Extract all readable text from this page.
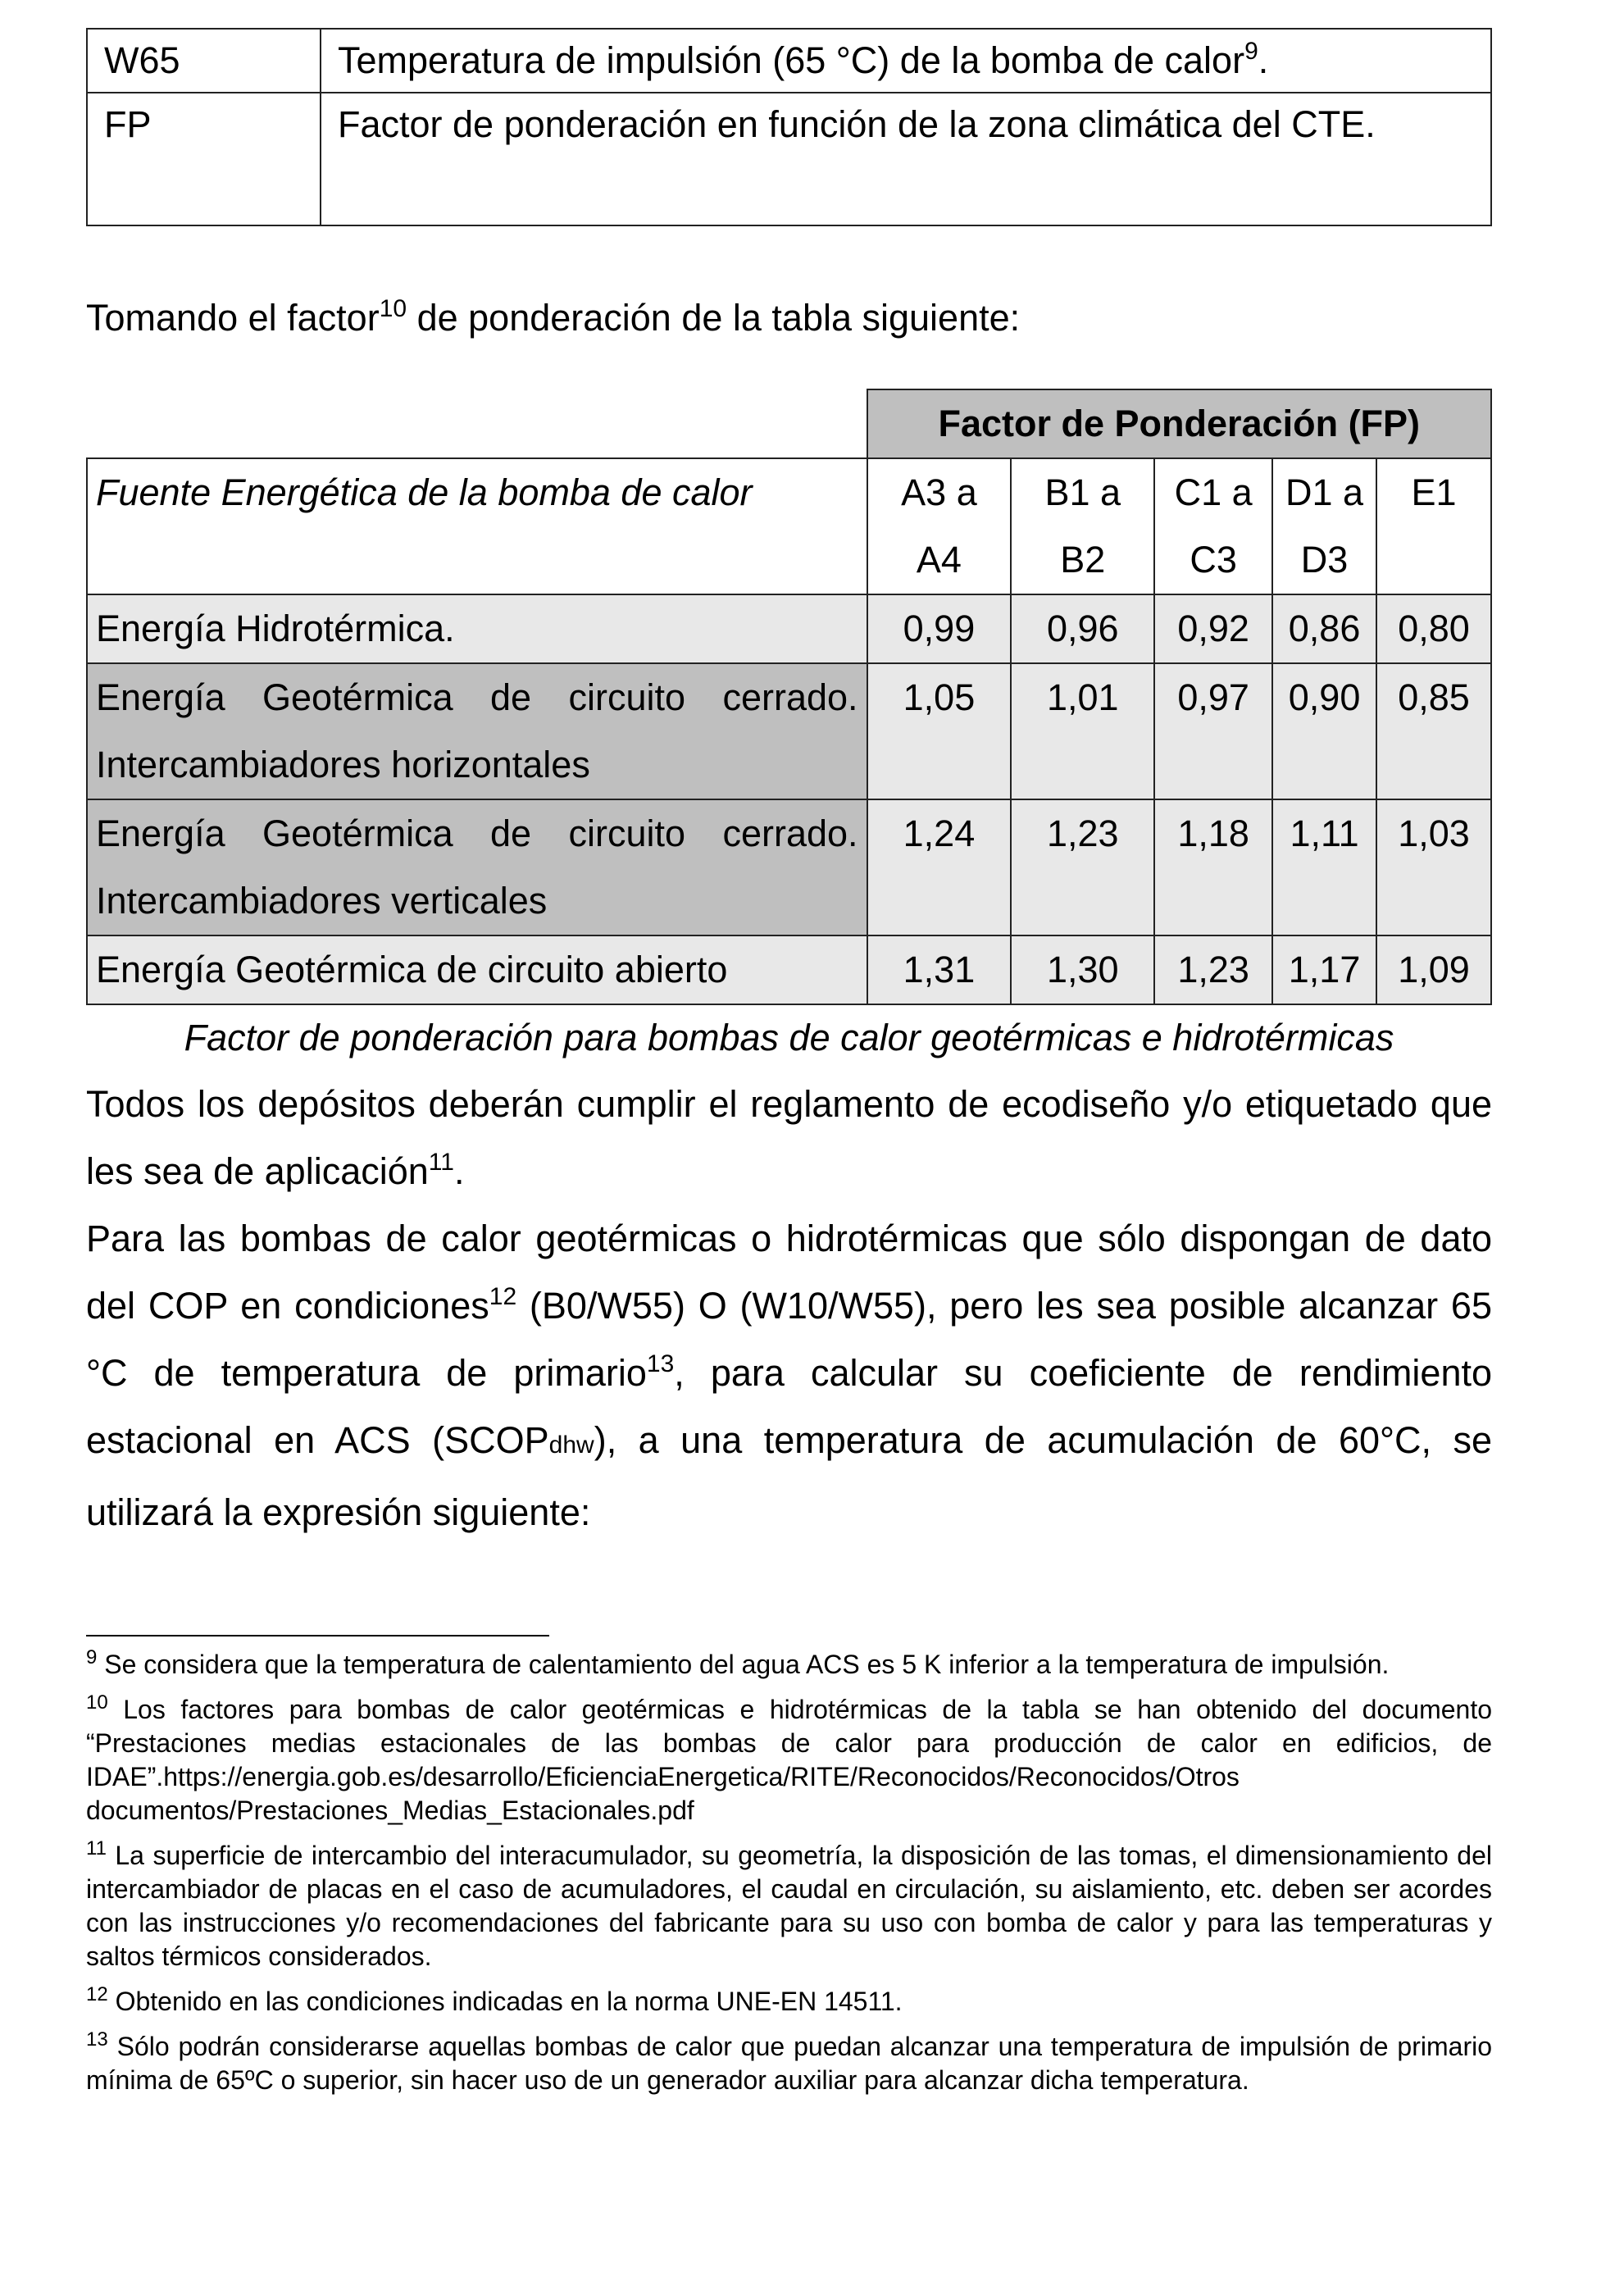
W65	Temperatura de impulsión (65 °C) de la bomba de calor$^9$.
FP	Factor de ponderación en función de la zona climática del CTE.

Tomando el factor$^{10}$ de ponderación de la tabla siguiente:

	Factor de Ponderación (FP)				
Fuente Energética de la bomba de calor	A3 a A4	B1 a B2	C1 a C3	D1 a D3	E1
Energía Hidrotérmica.	0,99	0,96	0,92	0,86	0,80

Energía Geotérmica de circuito cerrado.
Intercambiadores horizontales	1,05	1,01	0,97	0,90	0,85

Energía Geotérmica de circuito cerrado.
Intercambiadores verticales	1,24	1,23	1,18	1,11	1,03
Energía Geotérmica de circuito abierto	1,31	1,30	1,23	1,17	1,09

Factor de ponderación para bombas de calor geotérmicas e hidrotérmicas

Todos los depósitos deberán cumplir el reglamento de ecodiseño y/o etiquetado que les sea de aplicación$^{11}$.

Para las bombas de calor geotérmicas o hidrotérmicas que sólo dispongan de dato del COP en condiciones$^{12}$ (B0/W55) O (W10/W55), pero les sea posible alcanzar 65 °C de temperatura de primario$^{13}$, para calcular su coeficiente de rendimiento estacional en ACS (SCOPdhw), a una temperatura de acumulación de 60°C, se utilizará la expresión siguiente:

$^9$ Se considera que la temperatura de calentamiento del agua ACS es 5 K inferior a la temperatura de impulsión.

$^{10}$ Los factores para bombas de calor geotérmicas e hidrotérmicas de la tabla se han obtenido del documento “Prestaciones medias estacionales de las bombas de calor para producción de calor en edificios, de IDAE”.https://energia.gob.es/desarrollo/EficienciaEnergetica/RITE/Reconocidos/Reconocidos/Otros documentos/Prestaciones_Medias_Estacionales.pdf

$^{11}$ La superficie de intercambio del interacumulador, su geometría, la disposición de las tomas, el dimensionamiento del intercambiador de placas en el caso de acumuladores, el caudal en circulación, su aislamiento, etc. deben ser acordes con las instrucciones y/o recomendaciones del fabricante para su uso con bomba de calor y para las temperaturas y saltos térmicos considerados.

$^{12}$ Obtenido en las condiciones indicadas en la norma UNE-EN 14511.

$^{13}$ Sólo podrán considerarse aquellas bombas de calor que puedan alcanzar una temperatura de impulsión de primario mínima de 65ºC o superior, sin hacer uso de un generador auxiliar para alcanzar dicha temperatura.
